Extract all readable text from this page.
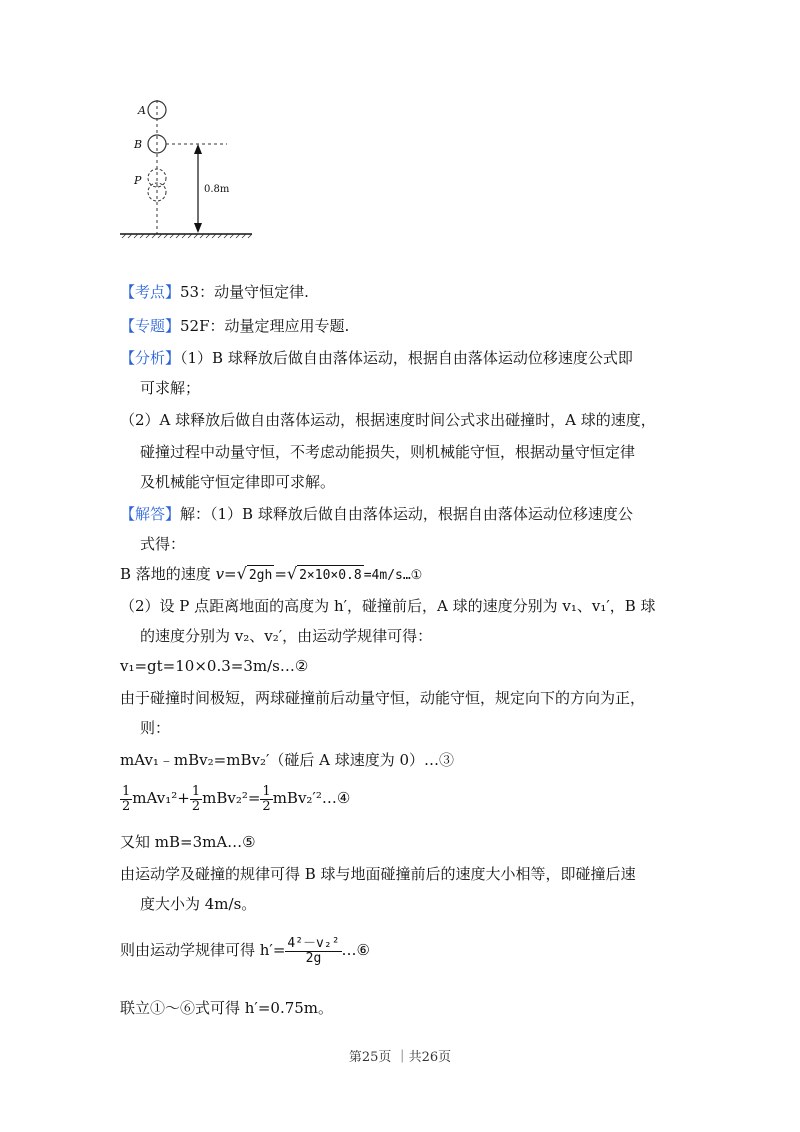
A
B
P
0.8m
【考点】53：动量守恒定律.
【专题】52F：动量定理应用专题.
【分析】（1）B 球释放后做自由落体运动，根据自由落体运动位移速度公式即
可求解；
（2）A 球释放后做自由落体运动，根据速度时间公式求出碰撞时，A 球的速度，
碰撞过程中动量守恒，不考虑动能损失，则机械能守恒，根据动量守恒定律
及机械能守恒定律即可求解。
【解答】解：（1）B 球释放后做自由落体运动，根据自由落体运动位移速度公
式得：
B 落地的速度 v=√ 2gh =√ 2×10×0.8 =4m/s…①
（2）设 P 点距离地面的高度为 h′，碰撞前后，A 球的速度分别为 v₁、v₁′，B 球
的速度分别为 v₂、v₂′，由运动学规律可得：
v₁=gt=10×0.3=3m/s…②
由于碰撞时间极短，两球碰撞前后动量守恒，动能守恒，规定向下的方向为正，
则：
mAv₁﹣mBv₂=mBv₂′（碰后 A 球速度为 0）…③
$\frac{1}{2} mAv_1^2+ \frac{1}{2} mBv_2^2= \frac{1}{2}$ mBv₂′²…④
又知 mB=3mA…⑤
由运动学及碰撞的规律可得 B 球与地面碰撞前后的速度大小相等，即碰撞后速
度大小为 4m/s。
则由运动学规律可得 $h'= \frac{\text{4²－v₂²}}{2g}$ …⑥
联立①～⑥式可得 h′=0.75m。
第25页 ｜共26页
